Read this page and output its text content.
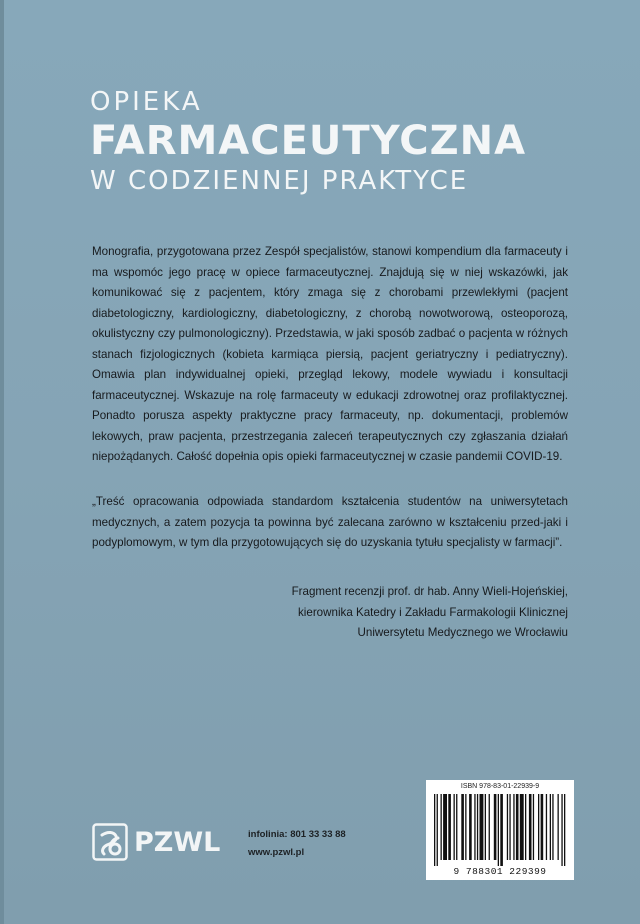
OPIEKA
FARMACEUTYCZNA
W CODZIENNEJ PRAKTYCE
Monografia, przygotowana przez Zespół specjalistów, stanowi kompendium dla farmaceuty i ma wspomóc jego pracę w opiece farmaceutycznej. Znajdują się w niej wskazówki, jak komunikować się z pacjentem, który zmaga się z chorobami przewlekłymi (pacjent diabetologiczny, kardiologiczny, diabetologiczny, z chorobą nowotworową, osteoporozą, okulistyczny czy pulmonologiczny). Przedstawia, w jaki sposób zadbać o pacjenta w różnych stanach fizjologicznych (kobieta karmiąca piersią, pacjent geriatryczny i pediatryczny). Omawia plan indywidualnej opieki, przegląd lekowy, modele wywiadu i konsultacji farmaceutycznej. Wskazuje na rolę farmaceuty w edukacji zdrowotnej oraz profilaktycznej. Ponadto porusza aspekty praktyczne pracy farmaceuty, np. dokumentacji, problemów lekowych, praw pacjenta, przestrzegania zaleceń terapeutycznych czy zgłaszania działań niepożądanych. Całość dopełnia opis opieki farmaceutycznej w czasie pandemii COVID-19.
„Treść opracowania odpowiada standardom kształcenia studentów na uniwersytetach medycznych, a zatem pozycja ta powinna być zalecana zarówno w kształceniu przed-jaki i podyplomowym, w tym dla przygotowujących się do uzyskania tytułu specjalisty w farmacji”.
Fragment recenzji prof. dr hab. Anny Wieli-Hojeńskiej,
kierownika Katedry i Zakładu Farmakologii Klinicznej
Uniwersytetu Medycznego we Wrocławiu
PZWL	infolinia: 801 33 33 88
www.pzwl.pl
ISBN 978-83-01-22939-9
9 788301 229399
